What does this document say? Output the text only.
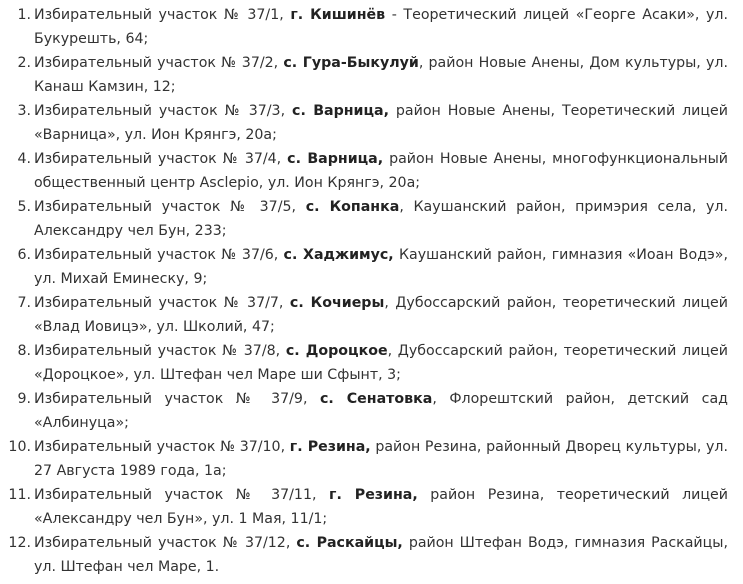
1. Избирательный участок № 37/1, г. Кишинёв - Теоретический лицей «Георге Асаки», ул. Букурешть, 64;
2. Избирательный участок № 37/2, с. Гура-Быкулуй, район Новые Анены, Дом культуры, ул. Канаш Камзин, 12;
3. Избирательный участок № 37/3, с. Варница, район Новые Анены, Теоретический лицей «Варница», ул. Ион Крянгэ, 20а;
4. Избирательный участок № 37/4, с. Варница, район Новые Анены, многофункциональный общественный центр Asclepio, ул. Ион Крянгэ, 20а;
5. Избирательный участок № 37/5, с. Копанка, Каушанский район, примэрия села, ул. Александру чел Бун, 233;
6. Избирательный участок № 37/6, с. Хаджимус, Каушанский район, гимназия «Иоан Водэ», ул. Михай Еминеску, 9;
7. Избирательный участок № 37/7, с. Кочиеры, Дубоссарский район, теоретический лицей «Влад Иовицэ», ул. Школий, 47;
8. Избирательный участок № 37/8, с. Дороцкое, Дубоссарский район, теоретический лицей «Дороцкое», ул. Штефан чел Маре ши Сфынт, 3;
9. Избирательный участок № 37/9, с. Сенатовка, Флорештский район, детский сад «Албинуца»;
10. Избирательный участок № 37/10, г. Резина, район Резина, районный Дворец культуры, ул. 27 Августа 1989 года, 1а;
11. Избирательный участок № 37/11, г. Резина, район Резина, теоретический лицей «Александру чел Бун», ул. 1 Мая, 11/1;
12. Избирательный участок № 37/12, с. Раскайцы, район Штефан Водэ, гимназия Раскайцы, ул. Штефан чел Маре, 1.
